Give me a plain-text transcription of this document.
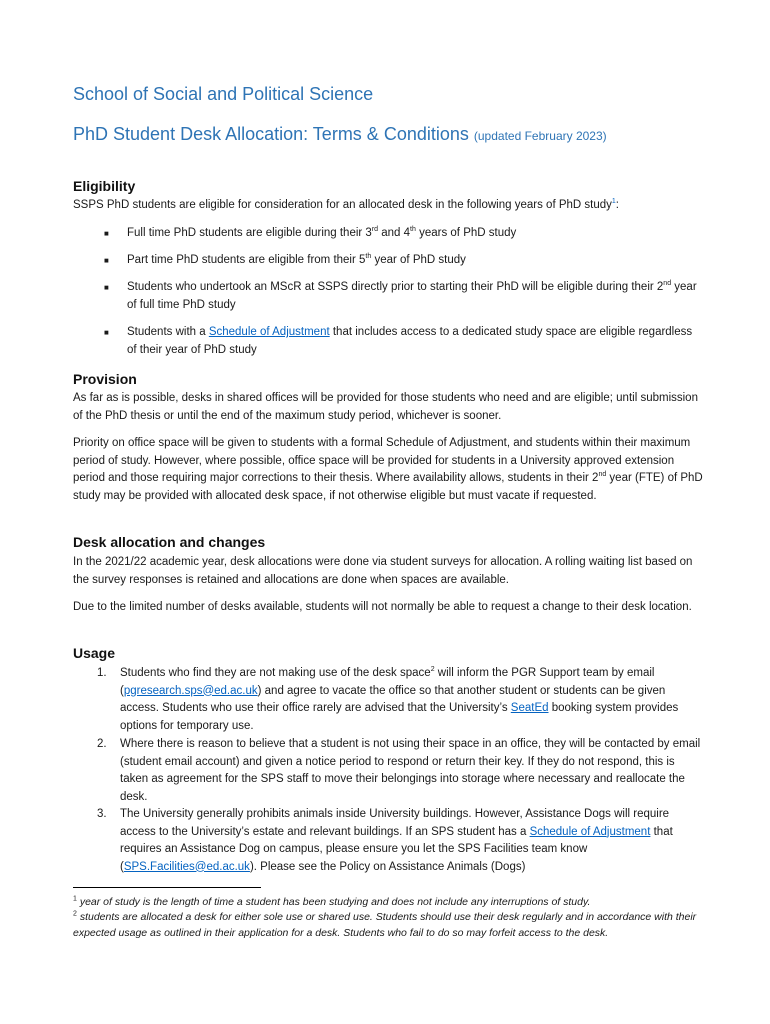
School of Social and Political Science
PhD Student Desk Allocation: Terms & Conditions (updated February 2023)
Eligibility

SSPS PhD students are eligible for consideration for an allocated desk in the following years of PhD study$^1$:

■ Full time PhD students are eligible during their 3rd and 4th years of PhD study

■ Part time PhD students are eligible from their 5th year of PhD study

■ Students who undertook an MScR at SSPS directly prior to starting their PhD will be eligible during their 2nd year of full time PhD study

■ Students with a Schedule of Adjustment that includes access to a dedicated study space are eligible regardless of their year of PhD study

Provision

As far as is possible, desks in shared offices will be provided for those students who need and are eligible; until submission of the PhD thesis or until the end of the maximum study period, whichever is sooner.

Priority on office space will be given to students with a formal Schedule of Adjustment, and students within their maximum period of study. However, where possible, office space will be provided for students in a University approved extension period and those requiring major corrections to their thesis. Where availability allows, students in their 2nd year (FTE) of PhD study may be provided with allocated desk space, if not otherwise eligible but must vacate if requested.

Desk allocation and changes

In the 2021/22 academic year, desk allocations were done via student surveys for allocation. A rolling waiting list based on the survey responses is retained and allocations are done when spaces are available.

Due to the limited number of desks available, students will not normally be able to request a change to their desk location.

Usage
1. Students who find they are not making use of the desk space$^2$ will inform the PGR Support team by email (pgresearch.sps@ed.ac.uk) and agree to vacate the office so that another student or students can be given access. Students who use their office rarely are advised that the University’s SeatEd booking system provides options for temporary use.

2. Where there is reason to believe that a student is not using their space in an office, they will be contacted by email (student email account) and given a notice period to respond or return their key. If they do not respond, this is taken as agreement for the SPS staff to move their belongings into storage where necessary and reallocate the desk.

3. The University generally prohibits animals inside University buildings. However, Assistance Dogs will require access to the University’s estate and relevant buildings. If an SPS student has a Schedule of Adjustment that requires an Assistance Dog on campus, please ensure you let the SPS Facilities team know (SPS.Facilities@ed.ac.uk). Please see the Policy on Assistance Animals (Dogs)

$^1$ year of study is the length of time a student has been studying and does not include any interruptions of study.

$^2$ students are allocated a desk for either sole use or shared use. Students should use their desk regularly and in accordance with their expected usage as outlined in their application for a desk. Students who fail to do so may forfeit access to the desk.
